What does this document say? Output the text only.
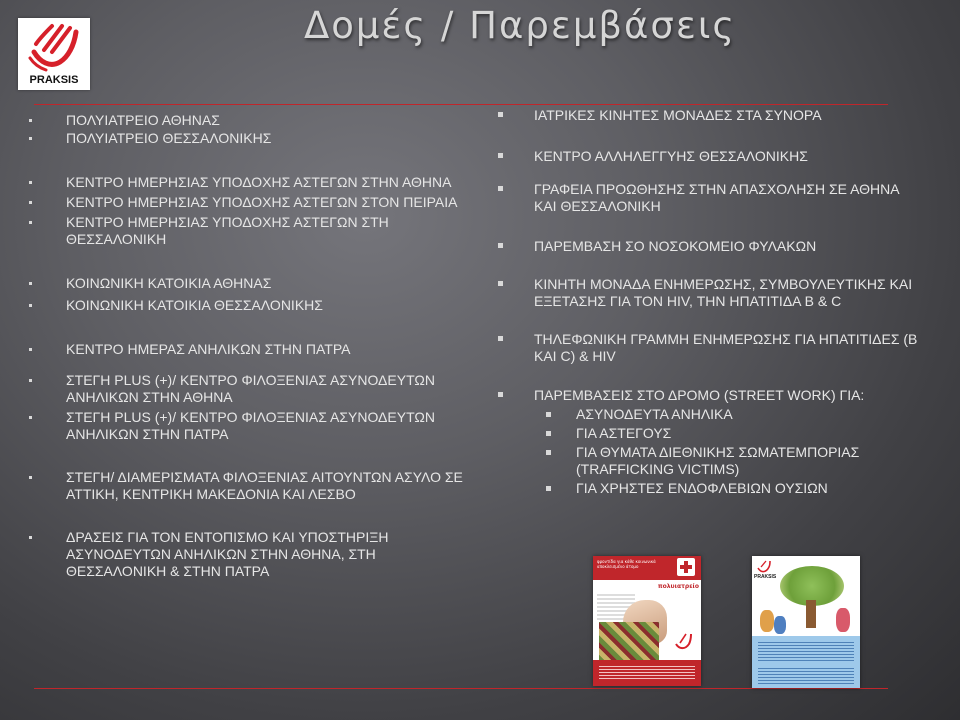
PRAKSIS
Δομές / Παρεμβάσεις
ΠΟΛΥΙΑΤΡΕΙΟ ΑΘΗΝΑΣ
ΠΟΛΥΙΑΤΡΕΙΟ ΘΕΣΣΑΛΟΝΙΚΗΣ
ΚΕΝΤΡΟ ΗΜΕΡΗΣΙΑΣ ΥΠΟΔΟΧΗΣ ΑΣΤΕΓΩΝ ΣΤΗΝ ΑΘΗΝΑ
ΚΕΝΤΡΟ ΗΜΕΡΗΣΙΑΣ ΥΠΟΔΟΧΗΣ ΑΣΤΕΓΩΝ ΣΤΟΝ ΠΕΙΡΑΙΑ
ΚΕΝΤΡΟ ΗΜΕΡΗΣΙΑΣ ΥΠΟΔΟΧΗΣ ΑΣΤΕΓΩΝ ΣΤΗ ΘΕΣΣΑΛΟΝΙΚΗ
ΚΟΙΝΩΝΙΚΗ ΚΑΤΟΙΚΙΑ ΑΘΗΝΑΣ
ΚΟΙΝΩΝΙΚΗ ΚΑΤΟΙΚΙΑ ΘΕΣΣΑΛΟΝΙΚΗΣ
ΚΕΝΤΡΟ ΗΜΕΡΑΣ ΑΝΗΛΙΚΩΝ ΣΤΗΝ ΠΑΤΡΑ
ΣΤΕΓΗ PLUS (+)/ ΚΕΝΤΡΟ ΦΙΛΟΞΕΝΙΑΣ ΑΣΥΝΟΔΕΥΤΩΝ ΑΝΗΛΙΚΩΝ ΣΤΗΝ ΑΘΗΝΑ
ΣΤΕΓΗ PLUS (+)/ ΚΕΝΤΡΟ ΦΙΛΟΞΕΝΙΑΣ ΑΣΥΝΟΔΕΥΤΩΝ ΑΝΗΛΙΚΩΝ ΣΤΗΝ ΠΑΤΡΑ
ΣΤΕΓΗ/ ΔΙΑΜΕΡΙΣΜΑΤΑ ΦΙΛΟΞΕΝΙΑΣ ΑΙΤΟΥΝΤΩΝ ΑΣΥΛΟ ΣΕ ΑΤΤΙΚΗ, ΚΕΝΤΡΙΚΗ ΜΑΚΕΔΟΝΙΑ ΚΑΙ ΛΕΣΒΟ
ΔΡΑΣΕΙΣ ΓΙΑ ΤΟΝ ΕΝΤΟΠΙΣΜΟ ΚΑΙ ΥΠΟΣΤΗΡΙΞΗ ΑΣΥΝΟΔΕΥΤΩΝ ΑΝΗΛΙΚΩΝ ΣΤΗΝ ΑΘΗΝΑ, ΣΤΗ ΘΕΣΣΑΛΟΝΙΚΗ & ΣΤΗΝ ΠΑΤΡΑ
ΙΑΤΡΙΚΕΣ ΚΙΝΗΤΕΣ ΜΟΝΑΔΕΣ ΣΤΑ ΣΥΝΟΡΑ
ΚΕΝΤΡΟ ΑΛΛΗΛΕΓΓΥΗΣ ΘΕΣΣΑΛΟΝΙΚΗΣ
ΓΡΑΦΕΙΑ ΠΡΟΩΘΗΣΗΣ ΣΤΗΝ ΑΠΑΣΧΟΛΗΣΗ ΣΕ ΑΘΗΝΑ ΚΑΙ ΘΕΣΣΑΛΟΝΙΚΗ
ΠΑΡΕΜΒΑΣΗ ΣΟ ΝΟΣΟΚΟΜΕΙΟ ΦΥΛΑΚΩΝ
ΚΙΝΗΤΗ ΜΟΝΑΔΑ ΕΝΗΜΕΡΩΣΗΣ, ΣΥΜΒΟΥΛΕΥΤΙΚΗΣ ΚΑΙ ΕΞΕΤΑΣΗΣ ΓΙΑ ΤΟΝ HIV, ΤΗΝ ΗΠΑΤΙΤΙΔΑ Β & C
ΤΗΛΕΦΩΝΙΚΗ ΓΡΑΜΜΗ ΕΝΗΜΕΡΩΣΗΣ ΓΙΑ ΗΠΑΤΙΤΙΔΕΣ (B ΚΑΙ C) & HIV
ΠΑΡΕΜΒΑΣΕΙΣ ΣΤΟ ΔΡΟΜΟ (STREET WORK) ΓΙΑ:
ΑΣΥΝΟΔΕΥΤΑ ΑΝΗΛΙΚΑ
ΓΙΑ ΑΣΤΕΓΟΥΣ
ΓΙΑ ΘΥΜΑΤΑ ΔΙΕΘΝΙΚΗΣ ΣΩΜΑΤΕΜΠΟΡΙΑΣ (TRAFFICKING VICTIMS)
ΓΙΑ ΧΡΗΣΤΕΣ ΕΝΔΟΦΛΕΒΙΩΝ ΟΥΣΙΩΝ
φροντίδα για κάθε κοινωνικά αποκλεισμένο άτομο
πολυιατρείο
PRAKSIS
